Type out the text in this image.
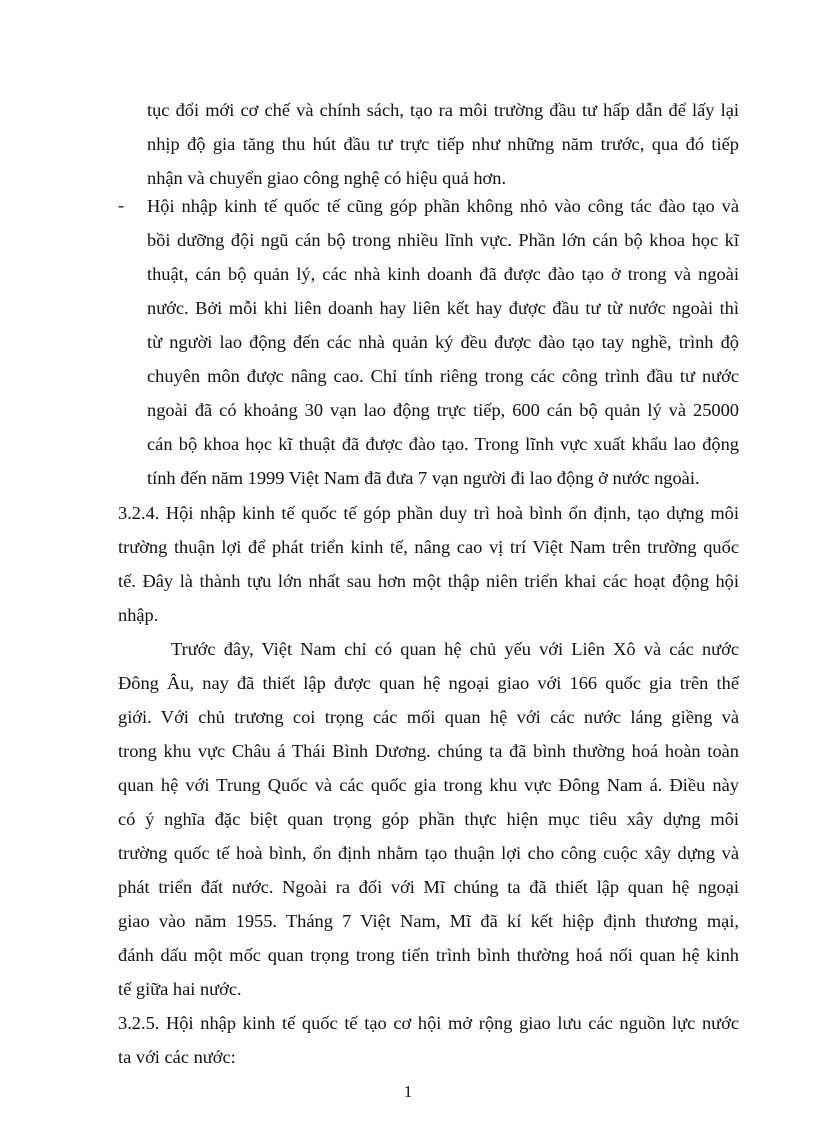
tục đổi mới cơ chế và chính sách, tạo ra môi trường đầu tư hấp dẫn để lấy lại
nhịp độ gia tăng thu hút đầu tư trực tiếp như những năm trước, qua đó tiếp
nhận và chuyển giao công nghệ có hiệu quả hơn.
- Hội nhập kinh tế quốc tế cũng góp phần không nhỏ vào công tác đào tạo và
bồi dưỡng đội ngũ cán bộ trong nhiều lĩnh vực. Phần lớn cán bộ khoa học kĩ
thuật, cán bộ quản lý, các nhà kinh doanh đã được đào tạo ở trong và ngoài
nước. Bởi mỗi khi liên doanh hay liên kết hay được đầu tư từ nước ngoài thì
từ người lao động đến các nhà quản ký đều được đào tạo tay nghề, trình độ
chuyên môn được nâng cao. Chỉ tính riêng trong các công trình đầu tư nước
ngoài đã có khoảng 30 vạn lao động trực tiếp, 600 cán bộ quản lý và 25000
cán bộ khoa học kĩ thuật đã được đào tạo. Trong lĩnh vực xuất khẩu lao động
tính đến năm 1999 Việt Nam đã đưa 7 vạn người đi lao động ở nước ngoài.
3.2.4. Hội nhập kinh tế quốc tế góp phần duy trì hoà bình ổn định, tạo dựng môi
trường thuận lợi để phát triển kinh tế, nâng cao vị trí Việt Nam trên trường quốc
tế. Đây là thành tựu lớn nhất sau hơn một thập niên triển khai các hoạt động hội
nhập.
Trước đây, Việt Nam chỉ có quan hệ chủ yếu với Liên Xô và các nước
Đông Âu, nay đã thiết lập được quan hệ ngoại giao với 166 quốc gia trên thế
giới. Với chủ trương coi trọng các mối quan hệ với các nước láng giềng và
trong khu vực Châu á Thái Bình Dương. chúng ta đã bình thường hoá hoàn toàn
quan hệ với Trung Quốc và các quốc gia trong khu vực Đông Nam á. Điều này
có ý nghĩa đặc biệt quan trọng góp phần thực hiện mục tiêu xây dựng môi
trường quốc tế hoà bình, ổn định nhằm tạo thuận lợi cho công cuộc xây dựng và
phát triển đất nước. Ngoài ra đối với Mĩ chúng ta đã thiết lập quan hệ ngoại
giao vào năm 1955. Tháng 7 Việt Nam, Mĩ đã kí kết hiệp định thương mại,
đánh dấu một mốc quan trọng trong tiến trình bình thường hoá nối quan hệ kinh
tế giữa hai nước.
3.2.5. Hội nhập kinh tế quốc tế tạo cơ hội mở rộng giao lưu các nguồn lực nước
ta với các nước:
1
